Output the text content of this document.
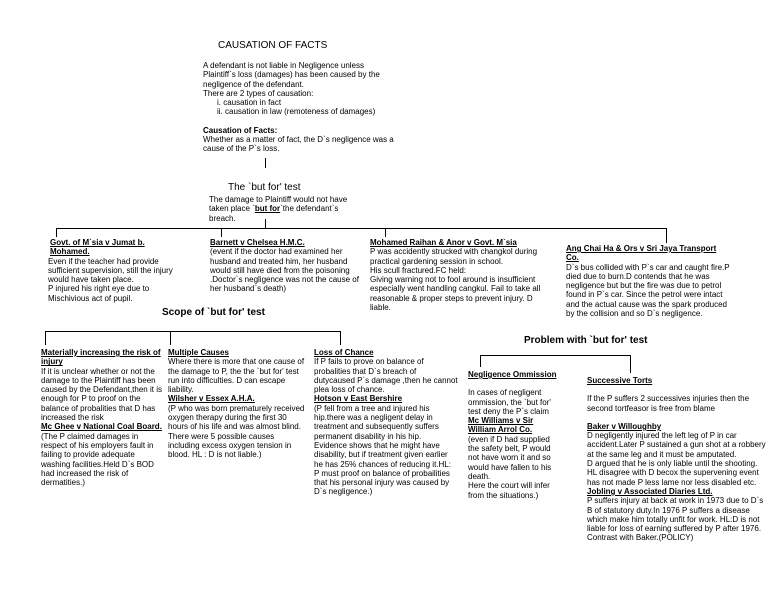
CAUSATION OF FACTS
A defendant is not liable in Negligence unless
Plaintiff`s loss (damages) has been caused by the
negligence of the defendant.
There are 2 types of causation:
i. causation in fact
ii. causation in law (remoteness of damages)
Causation of Facts:
Whether as a matter of fact, the D`s negligence was a
cause of the P`s loss.
The `but for' test
The damage to Plaintiff would not have
taken place `but for`the defendant`s
breach.
Govt. of M`sia v Jumat b.
Mohamed.
Even if the teacher had provide
sufficient supervision, still the injury
would have taken place.
P injured his right eye due to
Mischivious act of pupil.
Barnett v Chelsea H.M.C.
(event if the doctor had examined her
husband and treated him, her husband
would still have died from the poisoning
.Doctor`s negligence was not the cause of
her husband`s death)
Mohamed Raihan & Anor v Govt. M`sia
P was accidently strucked with changkol during
practical gardening session in school.
His scull fractured.FC held:
Giving warning not to fool around is insufficient
especially went handling cangkul. Fail to take all
reasonable & proper steps to prevent injury. D
liable.
Ang Chai Ha & Ors v Sri Jaya Transport
Co.
D`s bus collided with P`s car and caught fire.P
died due to burn.D contends that he was
negligence but but the fire was due to petrol
found in P`s car. Since the petrol were intact
and the actual cause was the spark produced
by the collision and so D`s negligence.
Scope of `but for' test
Materially increasing the risk of
injury
If it is unclear whether or not the
damage to the Plaintiff has been
caused by the Defendant,then it is
enough for P to proof on the
balance of probalities that D has
increased the risk
Mc Ghee v National Coal Board.
(The P claimed damages in
respect of his employers fault in
failing to provide adequate
washing facilities.Held D`s BOD
had increased the risk of
dermatities.)
Multiple Causes
Where there is more that one cause of
the damage to P, the the `but for' test
run into difficulties. D can escape
liability.
Wilsher v Essex A.H.A.
(P who was born prematurely received
oxygen therapy during the first 30
hours of his life and was almost blind.
There were 5 possible causes
including excess oxygen tension in
blood. HL : D is not liable.)
Loss of Chance
If P fails to prove on balance of
probalities that D`s breach of
dutycaused P`s damage ,then he cannot
plea loss of chance.
Hotson v East Bershire
(P fell from a tree and injured his
hip.there was a negligent delay in
treatment and subsequently suffers
permanent disability in his hip.
Evidence shows that he might have
disability, but if treatment given earlier
he has 25% chances of reducing it.HL:
P must proof on balance of probailities
that his personal injury was caused by
D`s negligence.)
Problem with `but for' test
Negligence Ommission
In cases of negligent
ommission, the `but for'
test deny the P`s claim
Mc Williams v Sir
William Arrol Co.
(even if D had supplied
the safety belt, P would
not have worn it and so
would have fallen to his
death.
Here the court will infer
from the situations.)
Successive Torts
If the P suffers 2 successives injuries then the
second tortfeasor is free from blame
Baker v Willoughby
D negligently injured the left leg of P in car
accident.Later P sustained a gun shot at a robbery
at the same leg and it must be amputated.
D argued that he is only liable until the shooting.
HL disagree with D becox the supervening event
has not made P less lame nor less disabled etc.
Jobling v Associated Diaries Ltd.
P suffers injury at back at work in 1973 due to D`s
B of statutory duty.In 1976 P suffers a disease
which make him totally unfit for work. HL:D is not
liable for loss of earning suffered by P after 1976.
Contrast with Baker.(POLICY)
